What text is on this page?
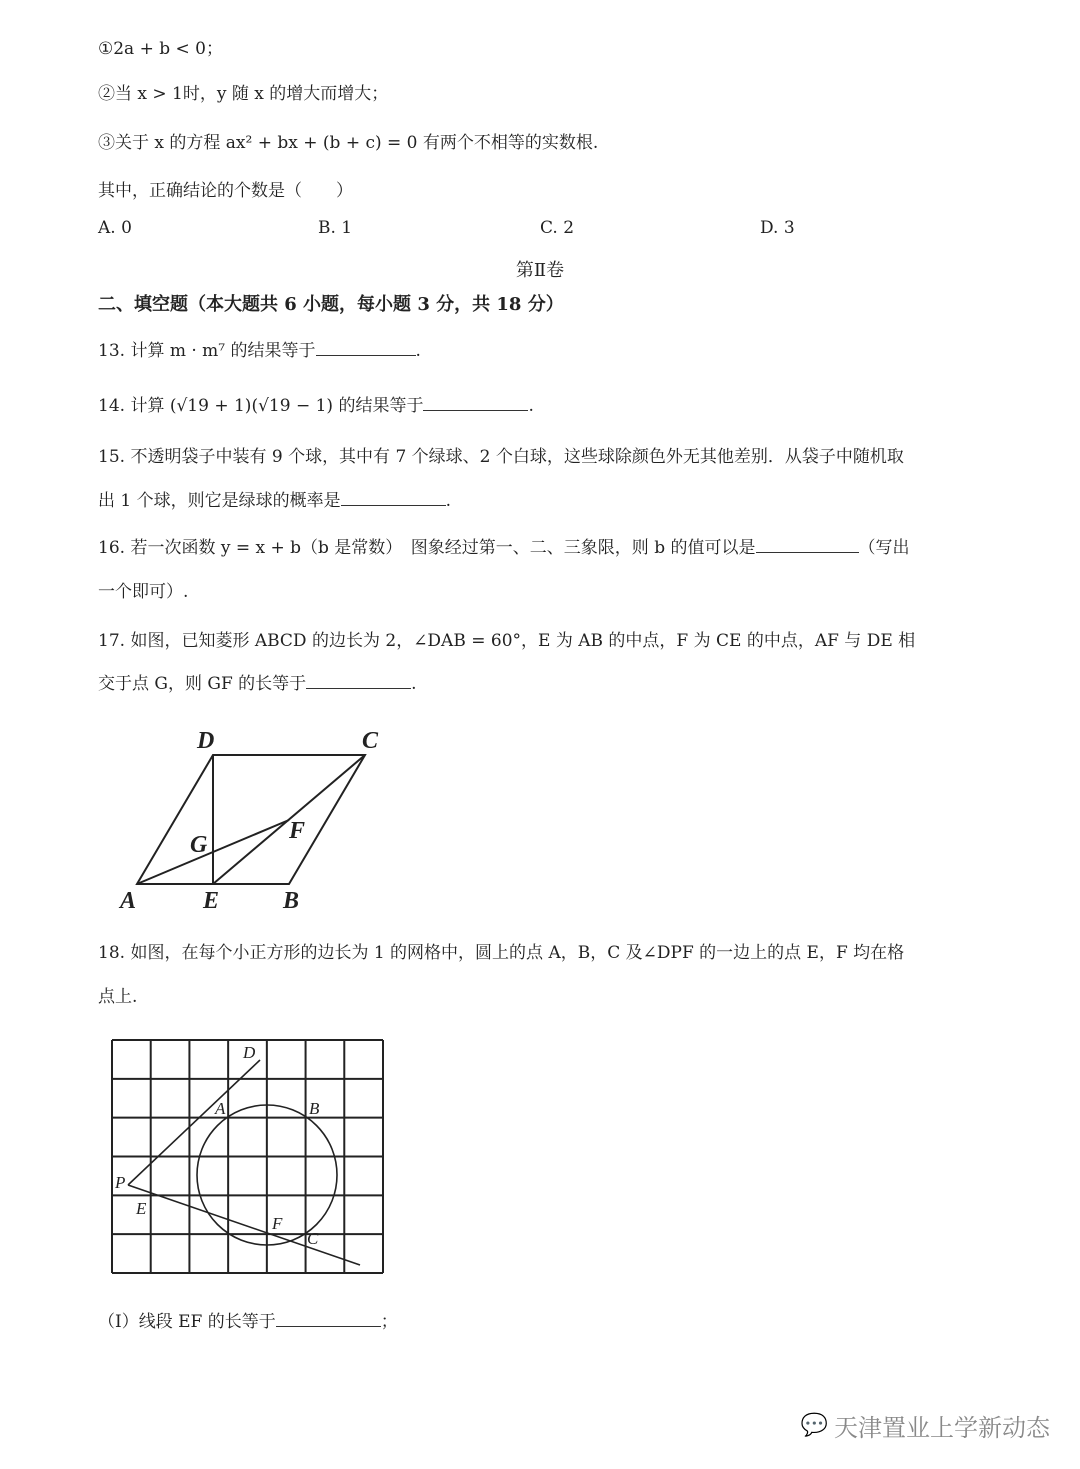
①2a + b < 0；
②当 x > 1时，y 随 x 的增大而增大；
③关于 x 的方程 ax² + bx + (b + c) = 0 有两个不相等的实数根.
其中，正确结论的个数是（　　）
A. 0	B. 1	C. 2	D. 3
第Ⅱ卷
二、填空题（本大题共 6 小题，每小题 3 分，共 18 分）
13. 计算 m · m⁷ 的结果等于	.
14. 计算 (√19 + 1)(√19 − 1) 的结果等于	.
15. 不透明袋子中装有 9 个球，其中有 7 个绿球、2 个白球，这些球除颜色外无其他差别．从袋子中随机取
出 1 个球，则它是绿球的概率是	.
16. 若一次函数 y = x + b（b 是常数）　图象经过第一、二、三象限，则 b 的值可以是	（写出
一个即可）.
17. 如图，已知菱形 ABCD 的边长为 2，∠DAB = 60°，E 为 AB 的中点，F 为 CE 的中点，AF 与 DE 相
交于点 G，则 GF 的长等于	.
D	C
A	E	B
F
G
D
A	B
P
E
F
C
18. 如图，在每个小正方形的边长为 1 的网格中，圆上的点 A，B，C 及∠DPF 的一边上的点 E，F 均在格
点上.
（Ⅰ）线段 EF 的长等于	；
💬 天津置业上学新动态
